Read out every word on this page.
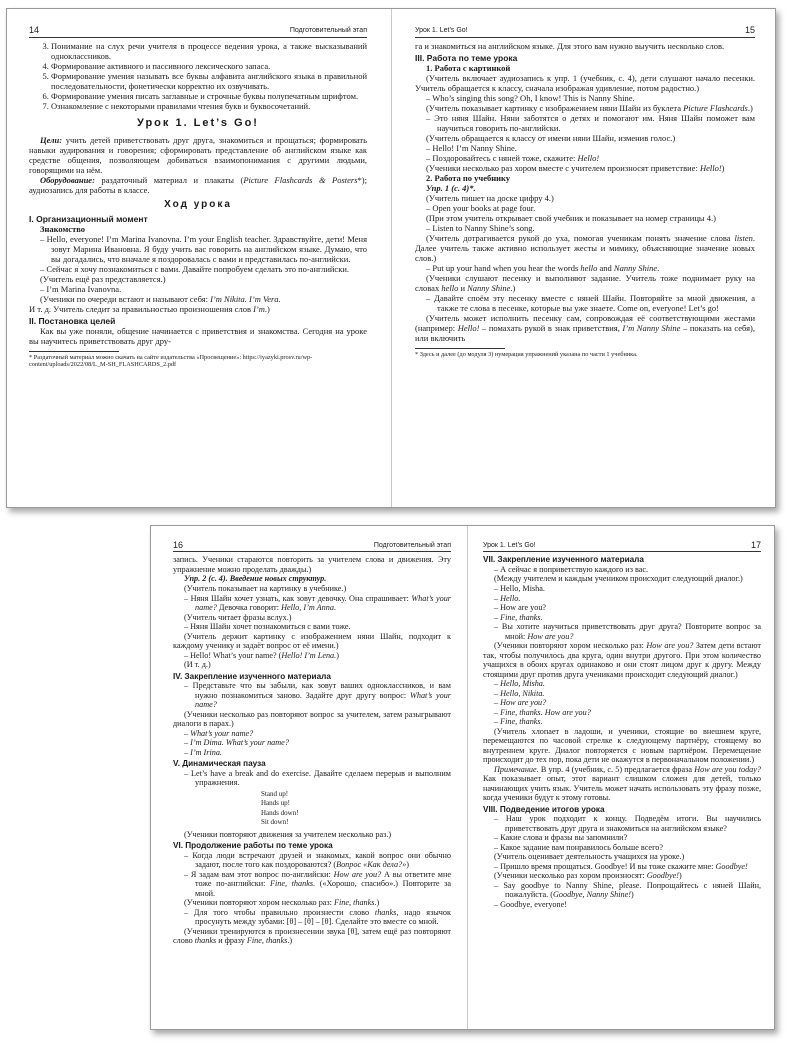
14	Подготовительный этап
3. Понимание на слух речи учителя в процессе ведения урока, а также высказываний одноклассников.
4. Формирование активного и пассивного лексического запаса.
5. Формирование умения называть все буквы алфавита английского языка в правильной последовательности, фонетически корректно их озвучивать.
6. Формирование умения писать заглавные и строчные буквы полупечатным шрифтом.
7. Ознакомление с некоторыми правилами чтения букв и буквосочетаний.
Урок 1. Let’s Go!

Цели: учить детей приветствовать друг друга, знакомиться и прощаться; формировать навыки аудирования и говорения; сформировать представление об английском языке как средстве общения, позволяющем добиваться взаимопонимания с другими людьми, говорящими на нём.

Оборудование: раздаточный материал и плакаты (Picture Flashcards & Posters*); аудиозапись для работы в классе.

Ход урока
I. Организационный момент
Знакомство

– Hello, everyone! I’m Marina Ivanovna. I’m your English teacher. Здравствуйте, дети! Меня зовут Марина Ивановна. Я буду учить вас говорить на английском языке. Думаю, что вы догадались, что вначале я поздоровалась с вами и представилась по-английски.

– Сейчас я хочу познакомиться с вами. Давайте попробуем сделать это по-английски.

(Учитель ещё раз представляется.)

– I’m Marina Ivanovna.

(Ученики по очереди встают и называют себя: I’m Nikita. I’m Vera.

И т. д. Учитель следит за правильностью произношения слов I’m.)

II. Постановка целей

Как вы уже поняли, общение начинается с приветствия и знакомства. Сегодня на уроке вы научитесь приветствовать друг дру-

* Раздаточный материал можно скачать на сайте издательства «Просвещение»: https://iyazyki.prosv.ru/wp-content/uploads/2022/08/L_M-SH_FLASHCARDS_2.pdf
Урок 1. Let’s Go!	15

га и знакомиться на английском языке. Для этого вам нужно выучить несколько слов.

III. Работа по теме урока
1. Работа с картинкой

(Учитель включает аудиозапись к упр. 1 (учебник, с. 4), дети слушают начало песенки. Учитель обращается к классу, сначала изображая удивление, потом радостно.)

– Who’s singing this song? Oh, I know! This is Nanny Shine.

(Учитель показывает картинку с изображением няни Шайн из буклета Picture Flashcards.)

– Это няня Шайн. Няни заботятся о детях и помогают им. Няня Шайн поможет вам научиться говорить по-английски.

(Учитель обращается к классу от имени няни Шайн, изменив голос.)

– Hello! I’m Nanny Shine.

– Поздоровайтесь с няней тоже, скажите: Hello!

(Ученики несколько раз хором вместе с учителем произносят приветствие: Hello!)

2. Работа по учебнику

Упр. 1 (с. 4)*.

(Учитель пишет на доске цифру 4.)

– Open your books at page four.

(При этом учитель открывает свой учебник и показывает на номер страницы 4.)

– Listen to Nanny Shine’s song.

(Учитель дотрагивается рукой до уха, помогая ученикам понять значение слова listen. Далее учитель также активно использует жесты и мимику, объясняющие значение новых слов.)

– Put up your hand when you hear the words hello and Nanny Shine.

(Ученики слушают песенку и выполняют задание. Учитель тоже поднимает руку на словах hello и Nanny Shine.)

– Давайте споём эту песенку вместе с няней Шайн. Повторяйте за мной движения, а также те слова в песенке, которые вы уже знаете. Come on, everyone! Let’s go!

(Учитель может исполнить песенку сам, сопровождая её соответствующими жестами (например: Hello! – помахать рукой в знак приветствия, I’m Nanny Shine – показать на себя), или включить

* Здесь и далее (до модуля 3) нумерация упражнений указана по части 1 учебника.
16	Подготовительный этап

запись. Ученики стараются повторить за учителем слова и движения. Эту упражнение можно проделать дважды.)

Упр. 2 (с. 4). Введение новых структур.

(Учитель показывает на картинку в учебнике.)

– Няня Шайн хочет узнать, как зовут девочку. Она спрашивает: What’s your name? Девочка говорит: Hello, I’m Anna.

(Учитель читает фразы вслух.)

– Няня Шайн хочет познакомиться с вами тоже.

(Учитель держит картинку с изображением няни Шайн, подходит к каждому ученику и задаёт вопрос от её имени.)

– Hello! What’s your name? (Hello! I’m Lena.)

(И т. д.)

IV. Закрепление изученного материала

– Представьте что вы забыли, как зовут ваших одноклассников, и вам нужно познакомиться заново. Задайте друг другу вопрос: What’s your name?

(Ученики несколько раз повторяют вопрос за учителем, затем разыгрывают диалоги в парах.)

– What’s your name?

– I’m Dima. What’s your name?

– I’m Irina.

V. Динамическая пауза

– Let’s have a break and do exercise. Давайте сделаем перерыв и выполним упражнения.

Stand up!
Hands up!
Hands down!
Sit down!

(Ученики повторяют движения за учителем несколько раз.)

VI. Продолжение работы по теме урока

– Когда люди встречают друзей и знакомых, какой вопрос они обычно задают, после того как поздороваются? (Вопрос «Как дела?»)

– Я задам вам этот вопрос по-английски: How are you? А вы ответите мне тоже по-английски: Fine, thanks. («Хорошо, спасибо».) Повторите за мной.

(Ученики повторяют хором несколько раз: Fine, thanks.)

– Для того чтобы правильно произнести слово thanks, надо язычок просунуть между зубами: [θ] – [θ] – [θ]. Сделайте это вместе со мной.

(Ученики тренируются в произнесении звука [θ], затем ещё раз повторяют слово thanks и фразу Fine, thanks.)

Урок 1. Let’s Go!	17
VII. Закрепление изученного материала

– А сейчас я поприветствую каждого из вас.

(Между учителем и каждым учеником происходит следующий диалог.)

– Hello, Misha.

– Hello.

– How are you?

– Fine, thanks.

– Вы хотите научиться приветствовать друг друга? Повторите вопрос за мной: How are you?

(Ученики повторяют хором несколько раз: How are you? Затем дети встают так, чтобы получилось два круга, один внутри другого. При этом количество учащихся в обоих кругах одинаково и они стоят лицом друг к другу. Между стоящими друг против друга учениками происходит следующий диалог.)

– Hello, Misha.

– Hello, Nikita.

– How are you?

– Fine, thanks. How are you?

– Fine, thanks.

(Учитель хлопает в ладоши, и ученики, стоящие во внешнем круге, перемещаются по часовой стрелке к следующему партнёру, стоящему во внутреннем круге. Диалог повторяется с новым партнёром. Перемещение происходит до тех пор, пока дети не окажутся в первоначальном положении.)

Примечание. В упр. 4 (учебник, с. 5) предлагается фраза How are you today? Как показывает опыт, этот вариант слишком сложен для детей, только начинающих учить язык. Учитель может начать использовать эту фразу позже, когда ученики будут к этому готовы.

VIII. Подведение итогов урока

– Наш урок подходит к концу. Подведём итоги. Вы научились приветствовать друг друга и знакомиться на английском языке?

– Какие слова и фразы вы запомнили?

– Какое задание вам понравилось больше всего?

(Учитель оценивает деятельность учащихся на уроке.)

– Пришло время прощаться. Goodbye! И вы тоже скажите мне: Goodbye!

(Ученики несколько раз хором произносят: Goodbye!)

– Say goodbye to Nanny Shine, please. Попрощайтесь с няней Шайн, пожалуйста. (Goodbye, Nanny Shine!)

– Goodbye, everyone!
